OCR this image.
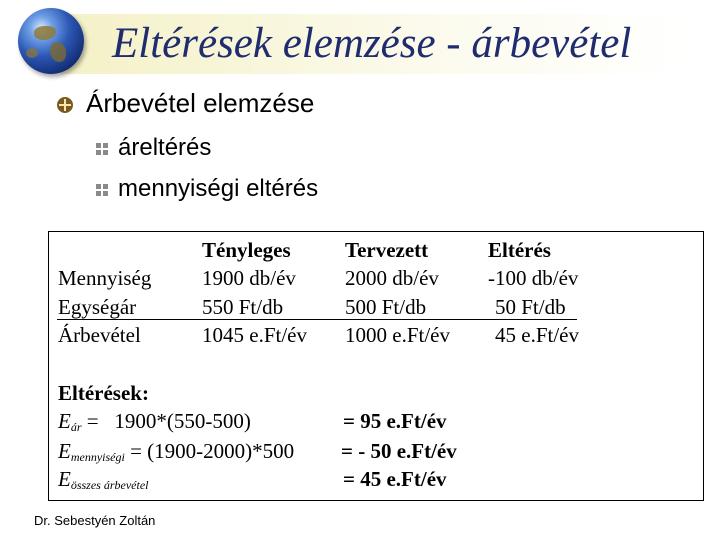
Eltérések elemzése - árbevétel
Árbevétel elemzése
áreltérés
mennyiségi eltérés
Tényleges	Tervezett	Eltérés
Mennyiség 1900 db/év 2000 db/év -100 db/év
Egységár	550 Ft/db	500 Ft/db	50 Ft/db
Árbevétel	1045 e.Ft/év 1000 e.Ft/év 45 e.Ft/év
Eltérések:
$E_{ár} = 1900*(550-500)$	= 95 e.Ft/év
$E_{mennyiségi} = (1900-2000)*500$ = - 50 e.Ft/év
$E_{összes árbevétel}$	= 45 e.Ft/év
Dr. Sebestyén Zoltán
